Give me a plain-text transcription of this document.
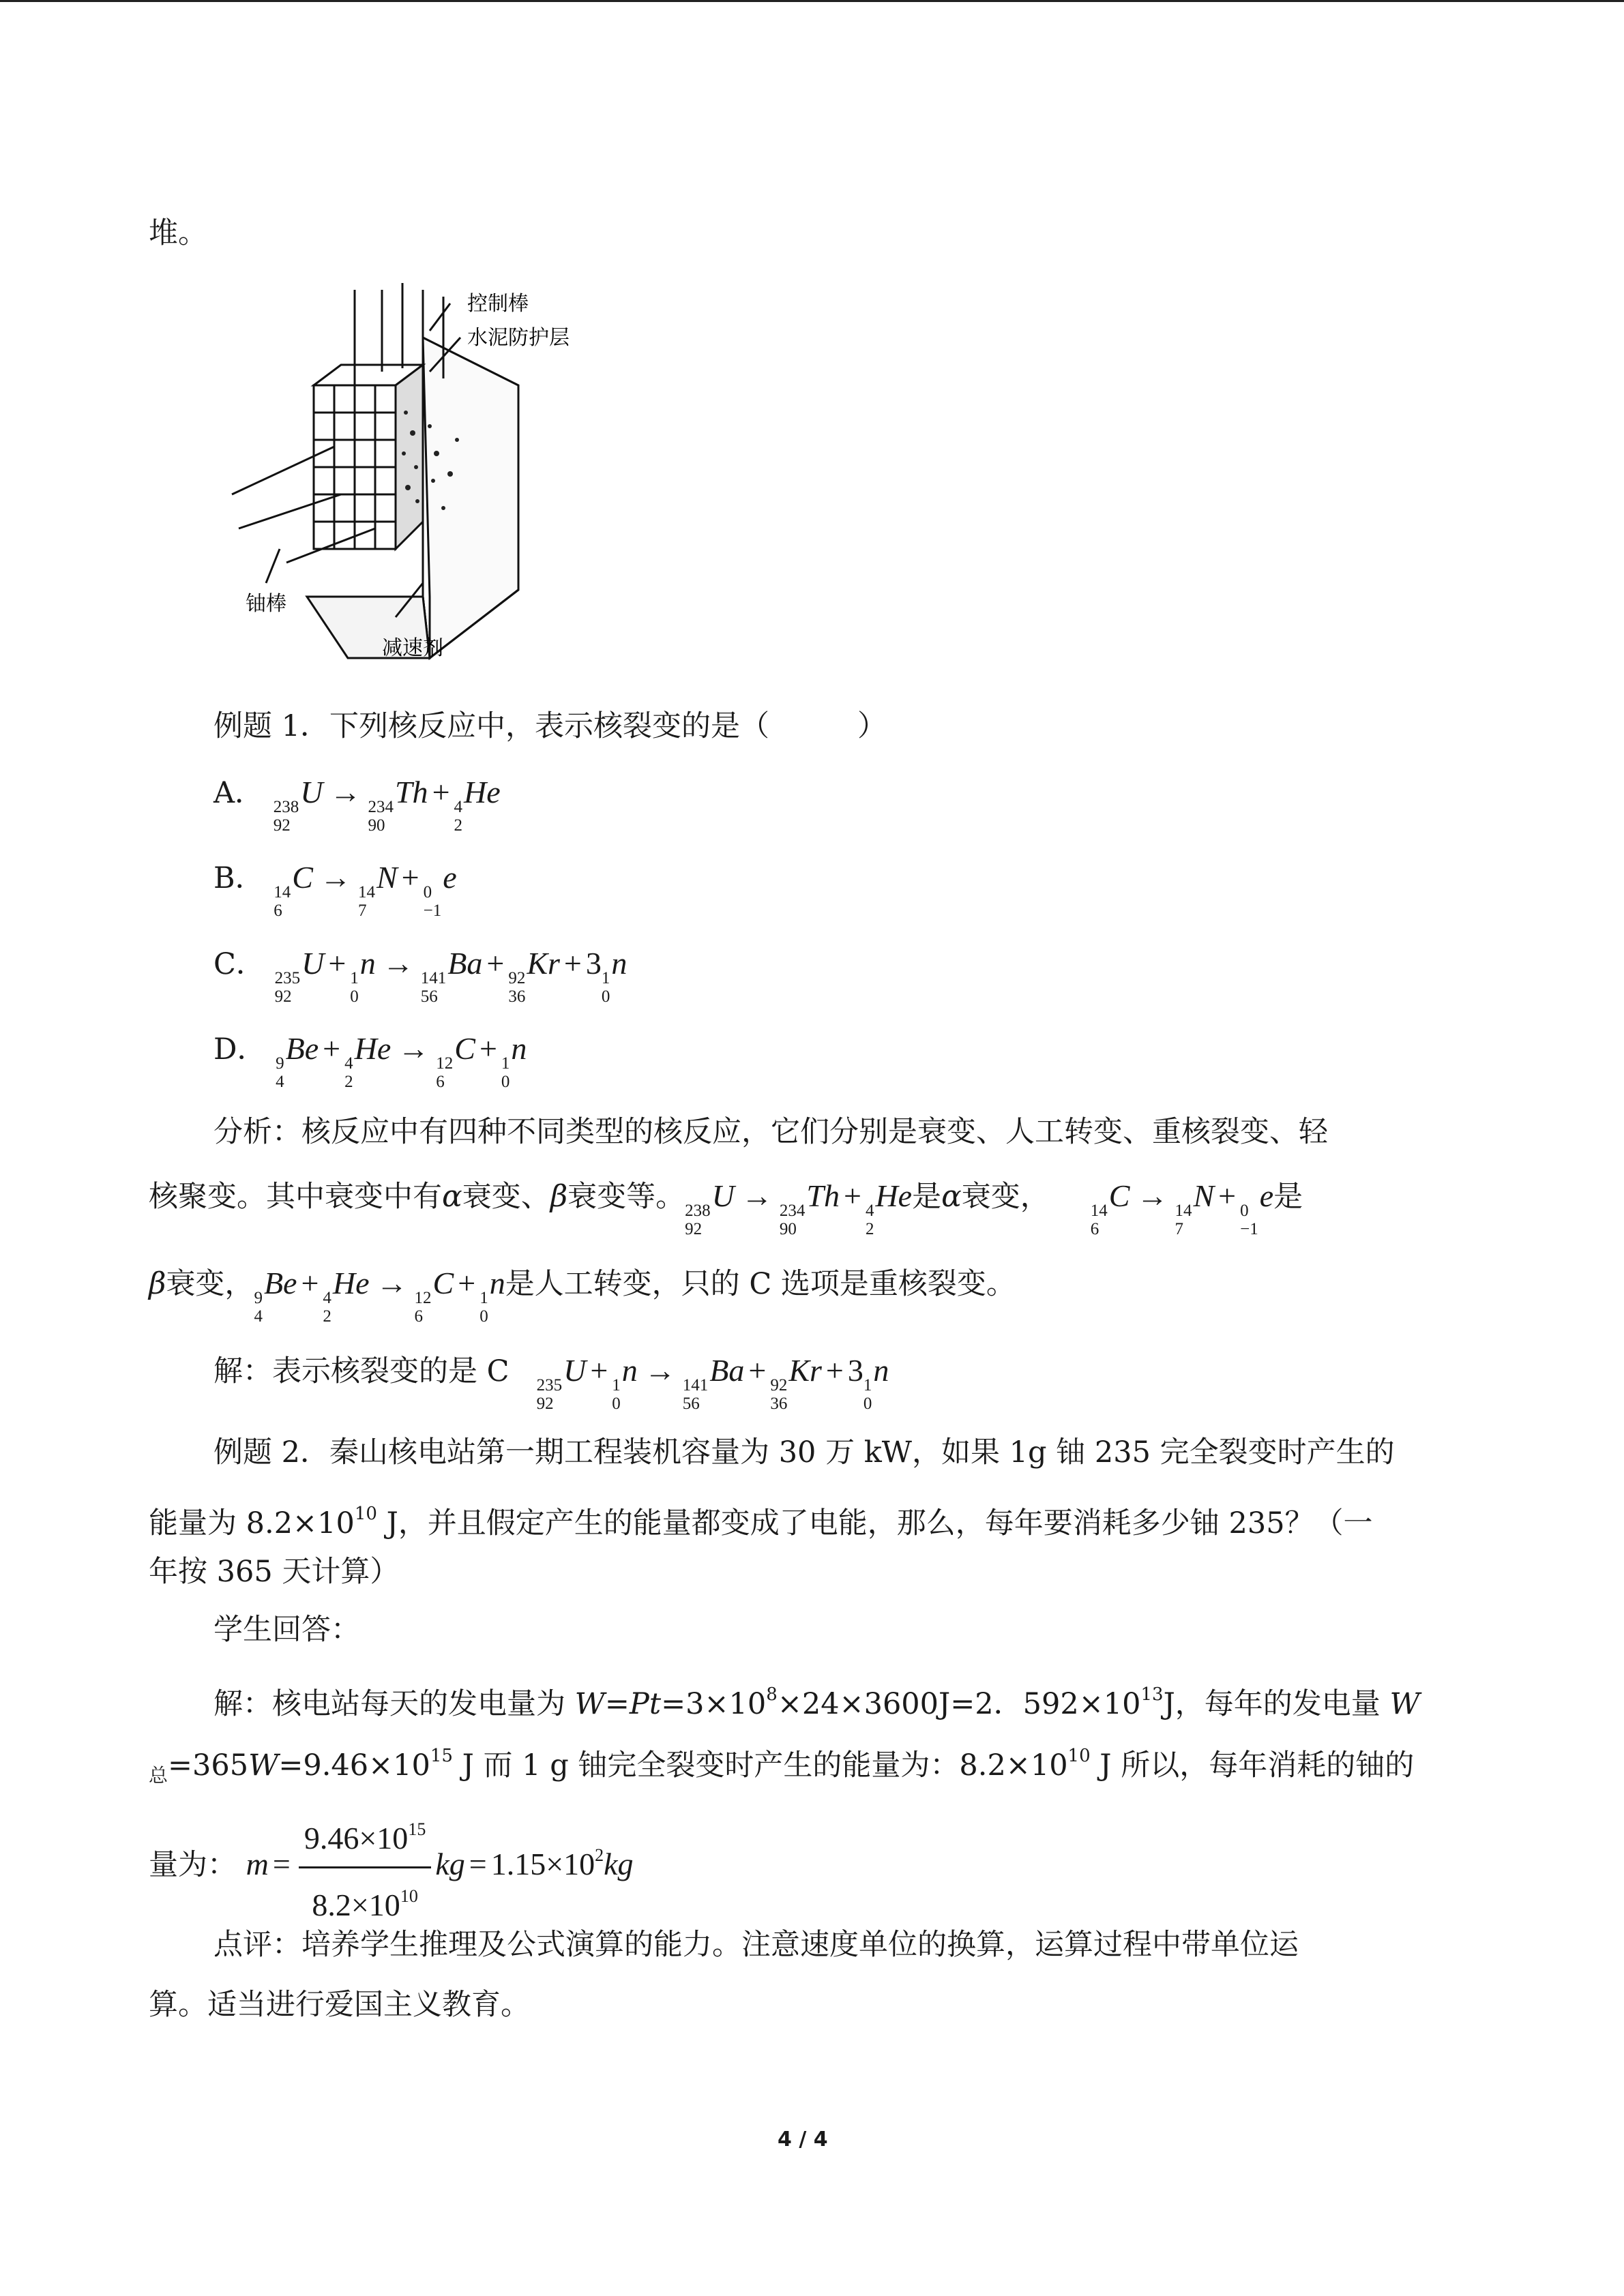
堆。
控制棒
水泥防护层
铀棒
减速剂
例题 1．下列核反应中，表示核裂变的是（　　　）
A． 238
92U → 234
90Th + 4
2He
B． 14
6C → 14
7N + 0
−1e
C． 235
92U + 1
0n → 141
56Ba + 92
36Kr + 31
0n
D． 9
4Be + 4
2He → 12
6C + 1
0n
分析：核反应中有四种不同类型的核反应，它们分别是衰变、人工转变、重核裂变、轻
核聚变。其中衰变中有α衰变、β衰变等。238
92U → 234
90Th + 4
2He是α衰变， 14
6C → 14
7N + 0
−1e是
β衰变，9
4Be + 4
2He → 12
6C + 1
0n是人工转变，只的 C 选项是重核裂变。
解：表示核裂变的是 C 235
92U + 1
0n → 141
56Ba + 92
36Kr + 31
0n
例题 2．秦山核电站第一期工程装机容量为 30 万 kW，如果 1g 铀 235 完全裂变时产生的
能量为 $8.2\times 10^{10}$ J，并且假定产生的能量都变成了电能，那么，每年要消耗多少铀 235？（一
年按 365 天计算）
学生回答：
解：核电站每天的发电量为 $W=Pt=3\times 10^8\times 24\times 3600J=2$．$592\times 10^{13}J$，每年的发电量 W
$_总=365W=9.46\times 10^{15}$ J 而 1 g 铀完全裂变时产生的能量为：$8.2\times 10^{10}$ J 所以，每年消耗的铀的
量为： $m = \frac{9.46\times 10^{15}}{8.2\times 10^{10}}$ kg = $1.15\times 10^2kg$
点评：培养学生推理及公式演算的能力。注意速度单位的换算，运算过程中带单位运
算。适当进行爱国主义教育。
4 / 4
